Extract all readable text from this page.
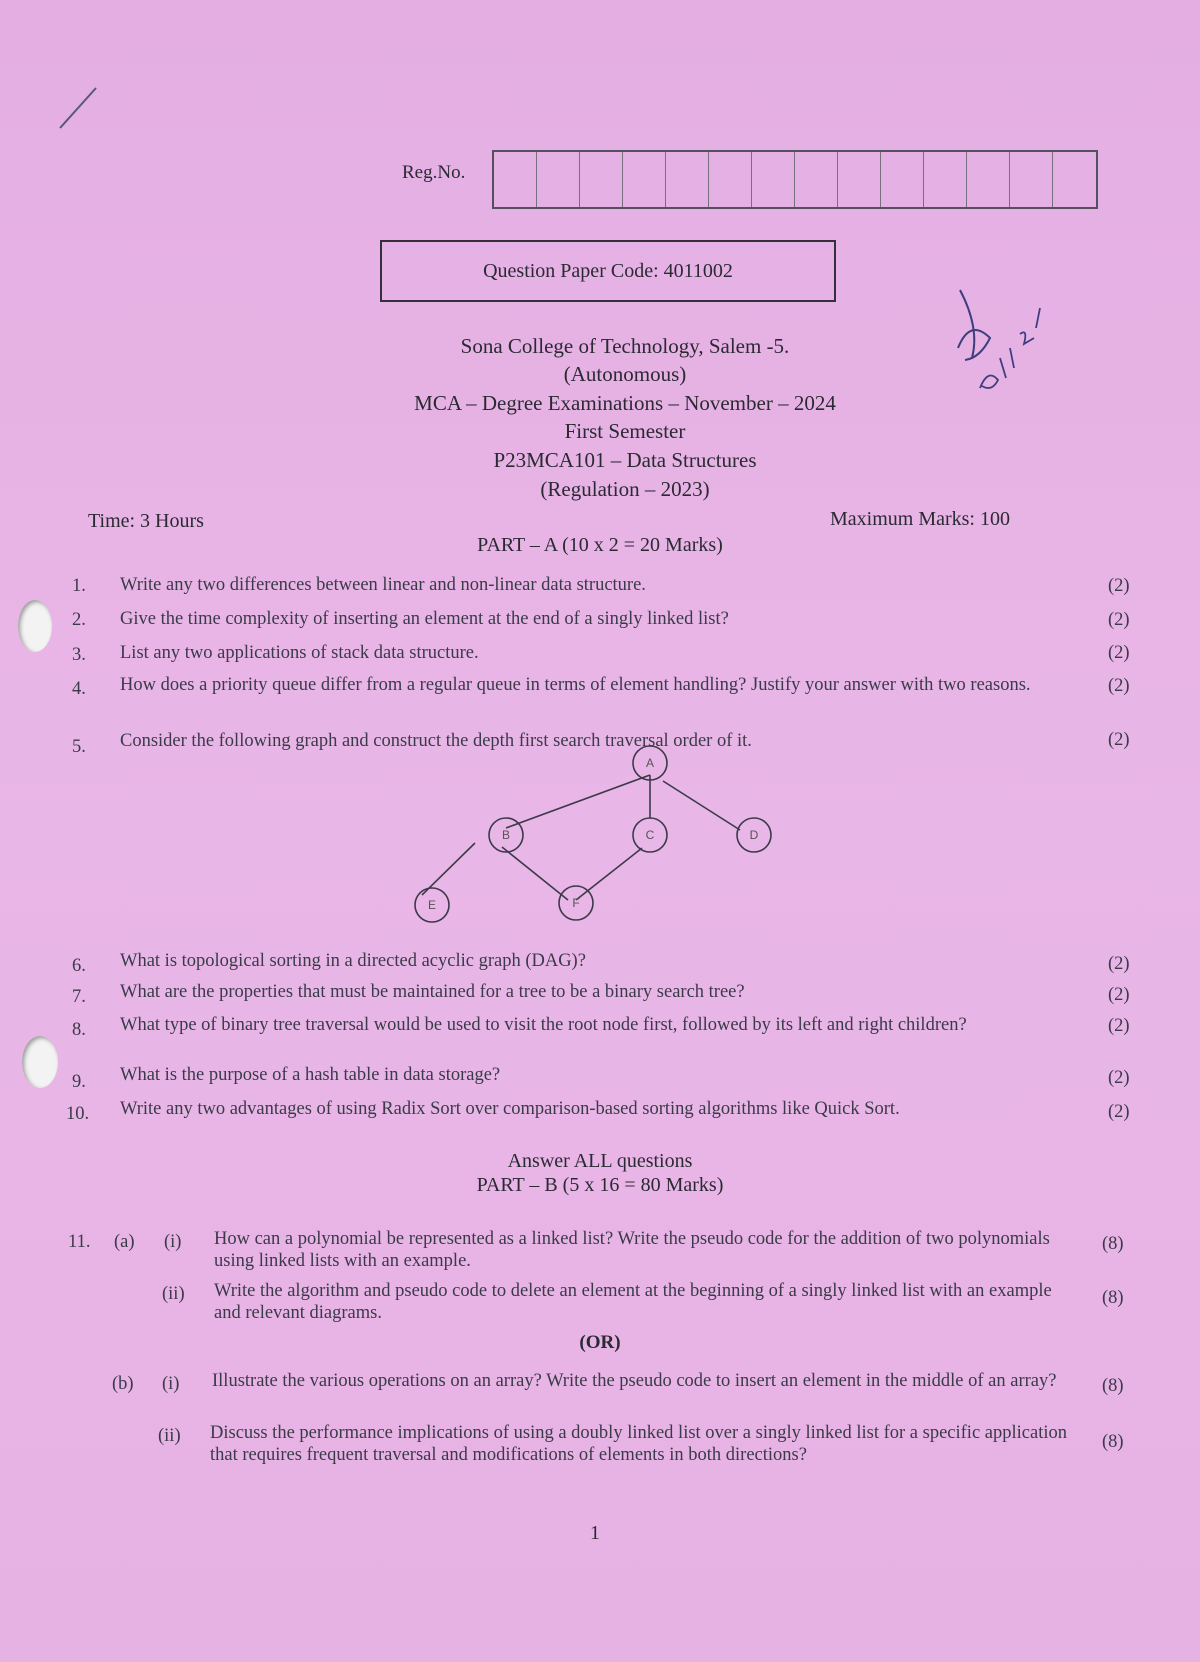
Reg.No.
Question Paper Code: 4011002
Sona College of Technology, Salem -5.
(Autonomous)
MCA – Degree Examinations – November – 2024
First Semester
P23MCA101 – Data Structures
(Regulation – 2023)
Time: 3 Hours	Maximum Marks: 100
PART – A (10 x 2 = 20 Marks)
1. Write any two differences between linear and non-linear data structure.	(2)
2. Give the time complexity of inserting an element at the end of a singly linked list?	(2)
3. List any two applications of stack data structure.	(2)
4. How does a priority queue differ from a regular queue in terms of element handling? Justify your answer with two reasons.	(2)
5. Consider the following graph and construct the depth first search traversal order of it.	(2)
A
B	C	D
E	F
6. What is topological sorting in a directed acyclic graph (DAG)?	(2)
7. What are the properties that must be maintained for a tree to be a binary search tree?	(2)
8. What type of binary tree traversal would be used to visit the root node first, followed by its left and right children?	(2)
9. What is the purpose of a hash table in data storage?	(2)
10. Write any two advantages of using Radix Sort over comparison-based sorting algorithms like Quick Sort.	(2)
Answer ALL questions
PART – B (5 x 16 = 80 Marks)
11. (a) (i) How can a polynomial be represented as a linked list? Write the pseudo code for the addition of two polynomials using linked lists with an example.
(8)
(ii) Write the algorithm and pseudo code to delete an element at the beginning of a singly linked list with an example and relevant diagrams.
(8)
(OR)
(b) (i) Illustrate the various operations on an array? Write the pseudo code to insert an element in the middle of an array?	(8)
(ii) Discuss the performance implications of using a doubly linked list over a singly linked list for a specific application that requires frequent traversal and modifications of elements in both directions?
(8)
1
